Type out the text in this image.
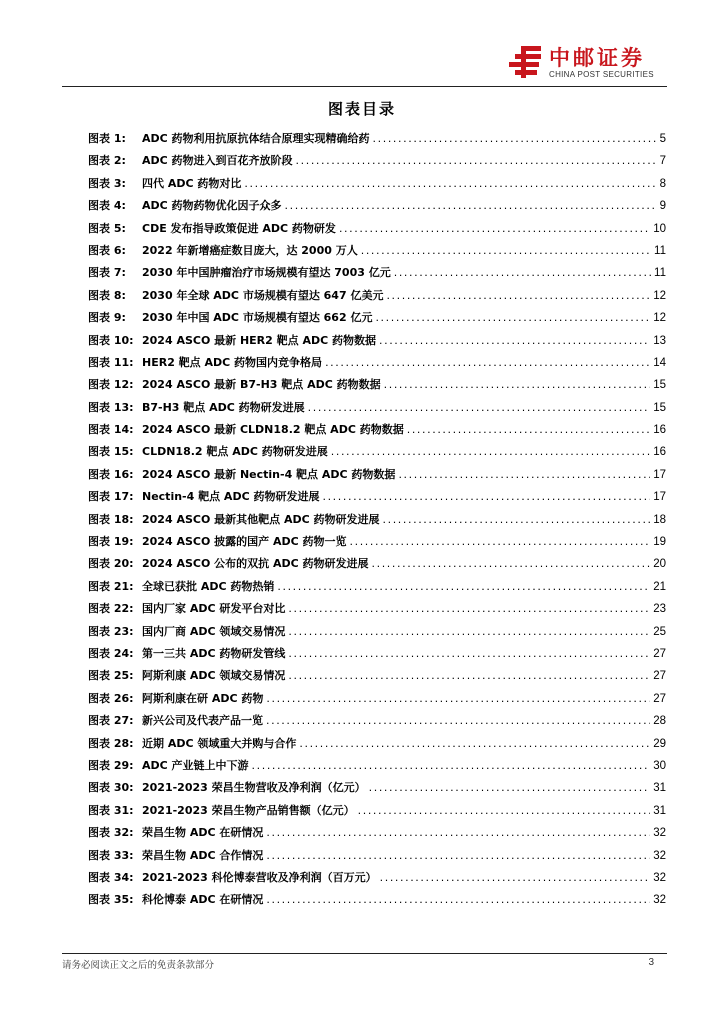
中邮证券
CHINA POST SECURITIES
图表目录
图表 1:	ADC 药物利用抗原抗体结合原理实现精确给药 .....	5
图表 2:	ADC 药物进入到百花齐放阶段 .....	7
图表 3:	四代 ADC 药物对比 .....	8
图表 4:	ADC 药物药物优化因子众多 .....	9
图表 5:	CDE 发布指导政策促进 ADC 药物研发 .....	10
图表 6:	2022 年新增癌症数目庞大，达 2000 万人 .....	11
图表 7:	2030 年中国肿瘤治疗市场规模有望达 7003 亿元 .....	11
图表 8:	2030 年全球 ADC 市场规模有望达 647 亿美元 .....	12
图表 9:	2030 年中国 ADC 市场规模有望达 662 亿元 .....	12
图表 10: 2024 ASCO 最新 HER2 靶点 ADC 药物数据 .....	13
图表 11: HER2 靶点 ADC 药物国内竞争格局 .....	14
图表 12: 2024 ASCO 最新 B7-H3 靶点 ADC 药物数据 .....	15
图表 13: B7-H3 靶点 ADC 药物研发进展 .....	15
图表 14: 2024 ASCO 最新 CLDN18.2 靶点 ADC 药物数据 .....	16
图表 15: CLDN18.2 靶点 ADC 药物研发进展 .....	16
图表 16: 2024 ASCO 最新 Nectin-4 靶点 ADC 药物数据 .....	17
图表 17: Nectin-4 靶点 ADC 药物研发进展 .....	17
图表 18: 2024 ASCO 最新其他靶点 ADC 药物研发进展 .....	18
图表 19: 2024 ASCO 披露的国产 ADC 药物一览 .....	19
图表 20: 2024 ASCO 公布的双抗 ADC 药物研发进展 .....	20
图表 21: 全球已获批 ADC 药物热销 .....	21
图表 22: 国内厂家 ADC 研发平台对比 .....	23
图表 23: 国内厂商 ADC 领域交易情况 .....	25
图表 24: 第一三共 ADC 药物研发管线 .....	27
图表 25: 阿斯利康 ADC 领域交易情况 .....	27
图表 26: 阿斯利康在研 ADC 药物 .....	27
图表 27: 新兴公司及代表产品一览 .....	28
图表 28: 近期 ADC 领域重大并购与合作 .....	29
图表 29: ADC 产业链上中下游 .....	30
图表 30: 2021-2023 荣昌生物营收及净利润（亿元） .....	31
图表 31: 2021-2023 荣昌生物产品销售额（亿元） .....	31
图表 32: 荣昌生物 ADC 在研情况 .....	32
图表 33: 荣昌生物 ADC 合作情况 .....	32
图表 34: 2021-2023 科伦博泰营收及净利润（百万元） .....	32
图表 35: 科伦博泰 ADC 在研情况 .....	32
请务必阅读正文之后的免责条款部分	3
